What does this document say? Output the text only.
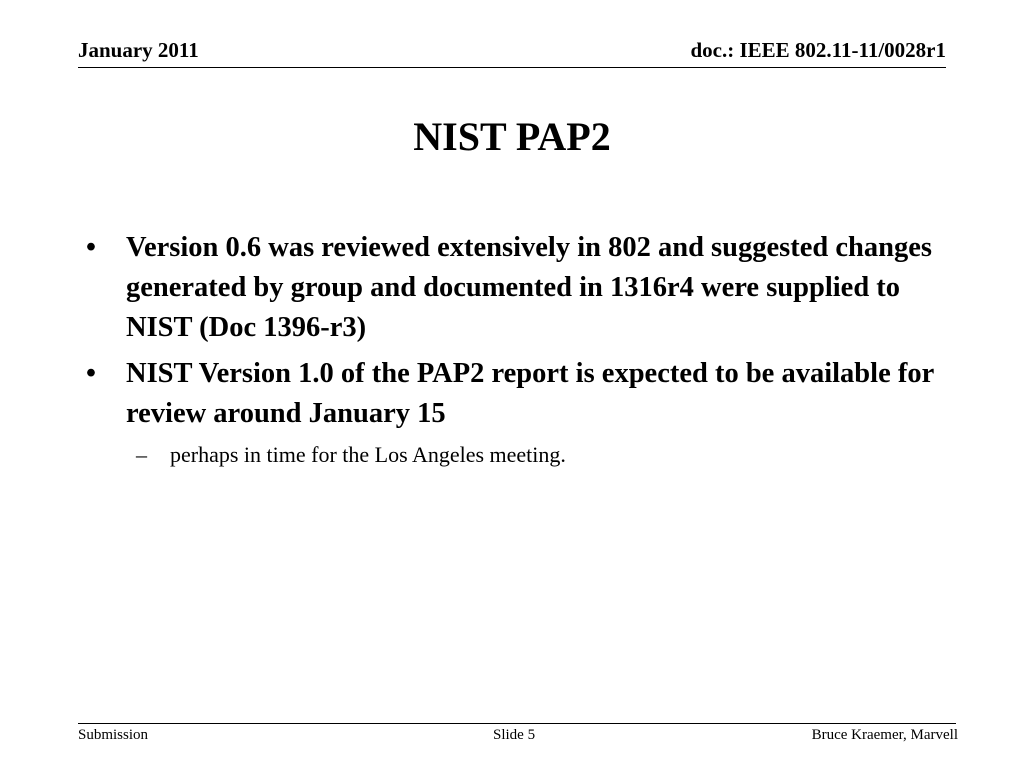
January 2011	doc.: IEEE 802.11-11/0028r1
NIST PAP2
• Version 0.6 was reviewed extensively in 802 and suggested changes generated by group and documented in 1316r4 were supplied to NIST (Doc 1396-r3)
• NIST Version 1.0 of the PAP2 report is expected to be available for review around January 15
– perhaps in time for the Los Angeles meeting.
Submission	Slide 5	Bruce Kraemer, Marvell
